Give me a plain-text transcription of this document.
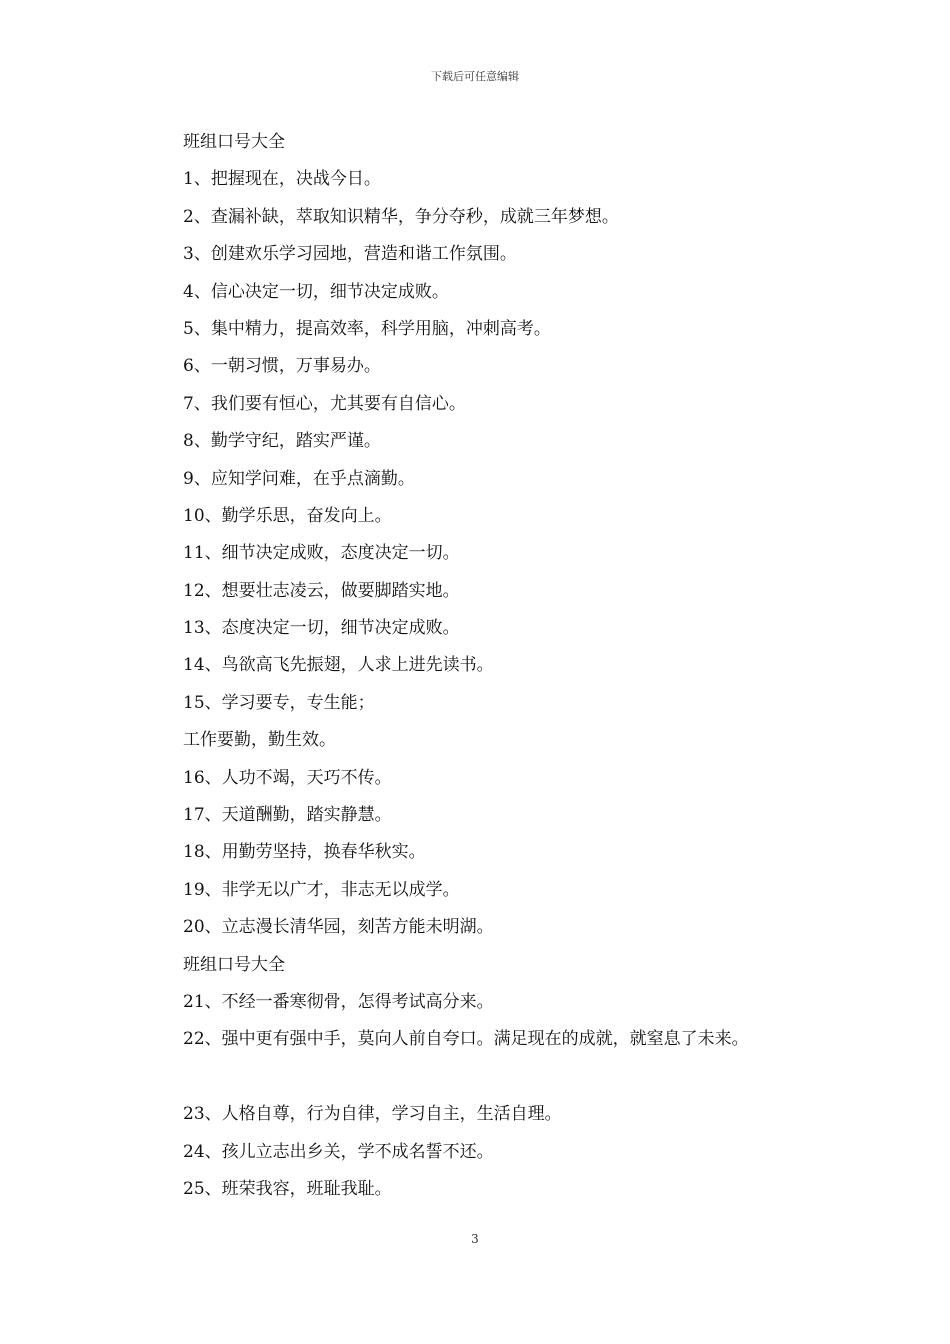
下载后可任意编辑
班组口号大全
1、把握现在，决战今日。
2、查漏补缺，萃取知识精华，争分夺秒，成就三年梦想。
3、创建欢乐学习园地，营造和谐工作氛围。
4、信心决定一切，细节决定成败。
5、集中精力，提高效率，科学用脑，冲刺高考。
6、一朝习惯，万事易办。
7、我们要有恒心，尤其要有自信心。
8、勤学守纪，踏实严谨。
9、应知学问难，在乎点滴勤。
10、勤学乐思，奋发向上。
11、细节决定成败，态度决定一切。
12、想要壮志凌云，做要脚踏实地。
13、态度决定一切，细节决定成败。
14、鸟欲高飞先振翅，人求上进先读书。
15、学习要专，专生能；
工作要勤，勤生效。
16、人功不竭，天巧不传。
17、天道酬勤，踏实静慧。
18、用勤劳坚持，换春华秋实。
19、非学无以广才，非志无以成学。
20、立志漫长清华园，刻苦方能未明湖。
班组口号大全
21、不经一番寒彻骨，怎得考试高分来。
22、强中更有强中手，莫向人前自夸口。满足现在的成就，就窒息了未来。
23、人格自尊，行为自律，学习自主，生活自理。
24、孩儿立志出乡关，学不成名誓不还。
25、班荣我容，班耻我耻。
3
